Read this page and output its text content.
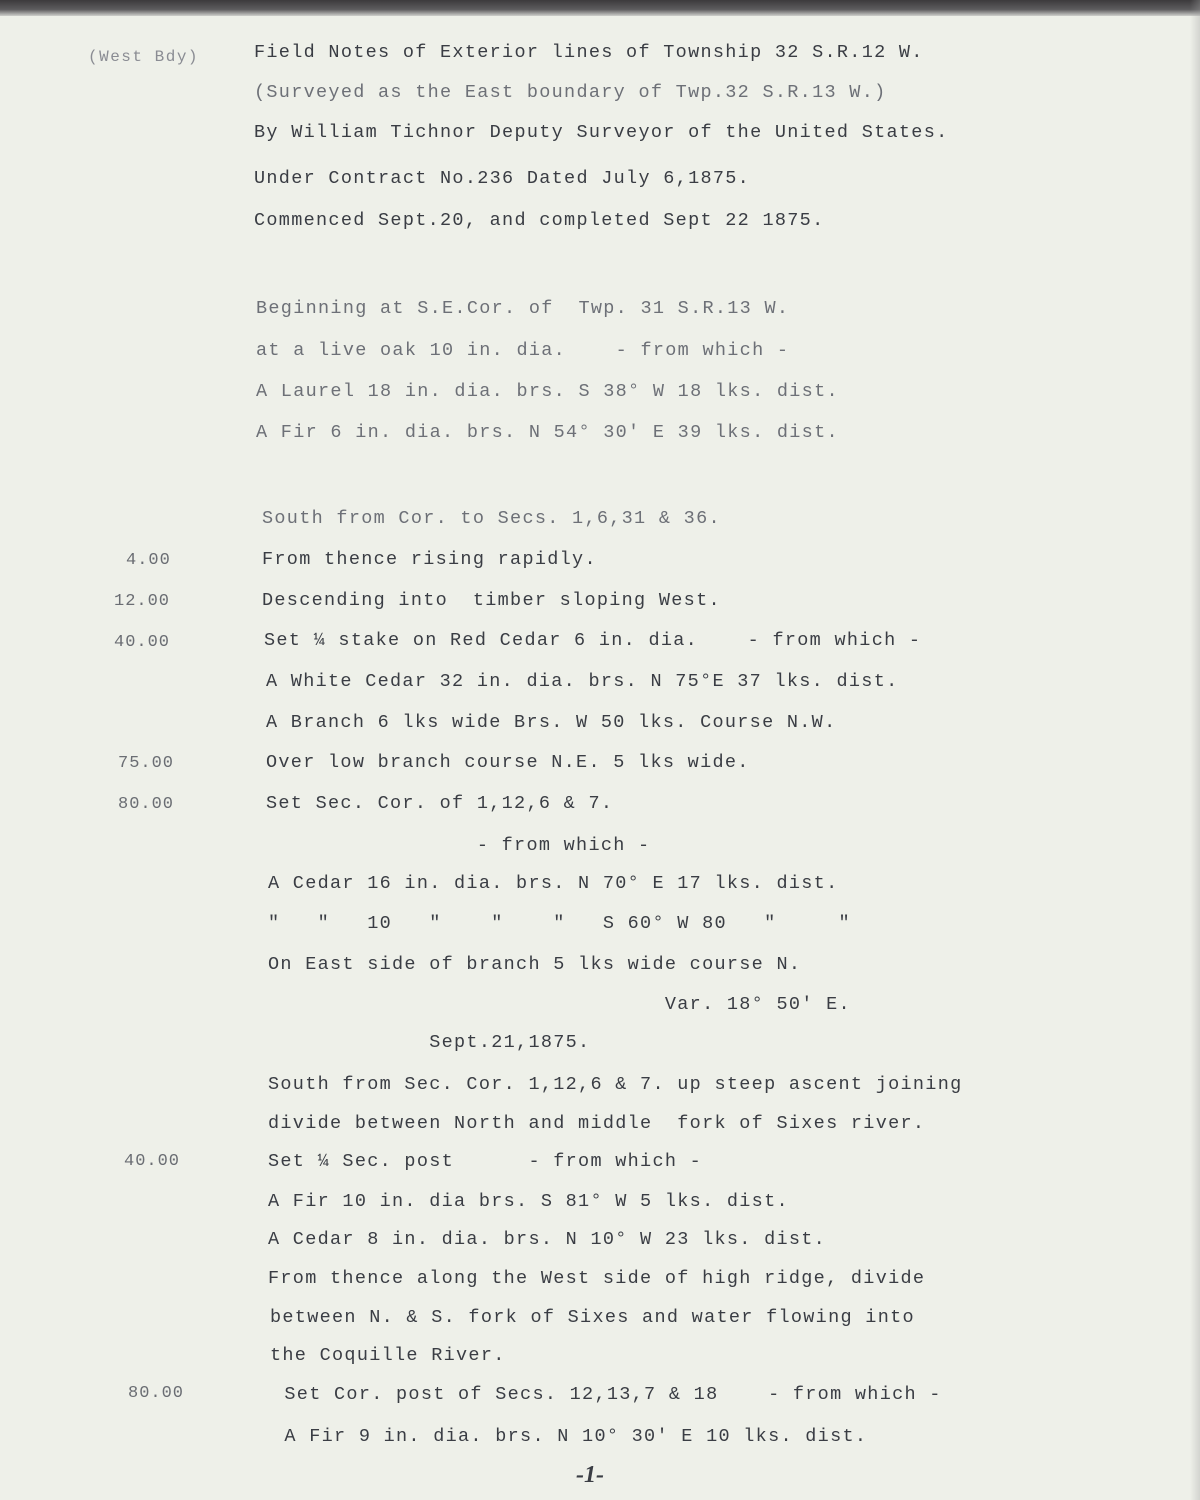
(West Bdy)	Field Notes of Exterior lines of Township 32 S.R.12 W.
(Surveyed as the East boundary of Twp.32 S.R.13 W.)
By William Tichnor Deputy Surveyor of the United States.
Under Contract No.236 Dated July 6,1875.
Commenced Sept.20, and completed Sept 22 1875.
Beginning at S.E.Cor. of  Twp. 31 S.R.13 W.
at a live oak 10 in. dia.    - from which -
A Laurel 18 in. dia. brs. S 38° W 18 lks. dist.
A Fir 6 in. dia. brs. N 54° 30' E 39 lks. dist.
South from Cor. to Secs. 1,6,31 & 36.
4.00	From thence rising rapidly.
12.00	Descending into  timber sloping West.
40.00	Set ¼ stake on Red Cedar 6 in. dia.    - from which -
A White Cedar 32 in. dia. brs. N 75°E 37 lks. dist.
A Branch 6 lks wide Brs. W 50 lks. Course N.W.
75.00	Over low branch course N.E. 5 lks wide.
80.00	Set Sec. Cor. of 1,12,6 & 7.
- from which -
A Cedar 16 in. dia. brs. N 70° E 17 lks. dist.
"   "   10   "    "    "   S 60° W 80   "     "
On East side of branch 5 lks wide course N.
Var. 18° 50' E.
Sept.21,1875.
South from Sec. Cor. 1,12,6 & 7. up steep ascent joining
divide between North and middle  fork of Sixes river.
40.00	Set ¼ Sec. post      - from which -
A Fir 10 in. dia brs. S 81° W 5 lks. dist.
A Cedar 8 in. dia. brs. N 10° W 23 lks. dist.
From thence along the West side of high ridge, divide
between N. & S. fork of Sixes and water flowing into
the Coquille River.
80.00	Set Cor. post of Secs. 12,13,7 & 18    - from which -
A Fir 9 in. dia. brs. N 10° 30' E 10 lks. dist.
-1-
